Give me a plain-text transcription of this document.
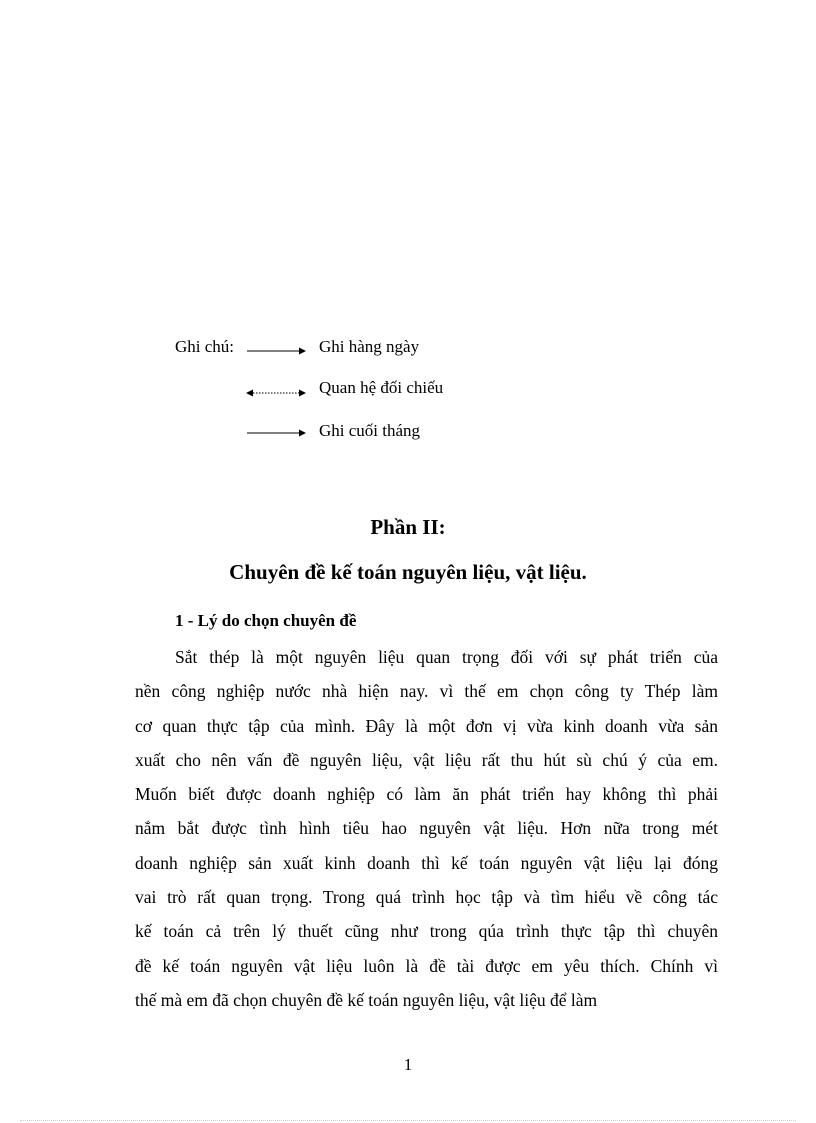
Ghi chú:	Ghi hàng ngày
Quan hệ đối chiếu
Ghi cuối tháng
Phần II:
Chuyên đề kế toán nguyên liệu, vật liệu.
1 - Lý do chọn chuyên đề
Sắt thép là một nguyên liệu quan trọng đối với sự phát triển của
nền công nghiệp nước nhà hiện nay. vì thế em chọn công ty Thép làm
cơ quan thực tập của mình. Đây là một đơn vị vừa kinh doanh vừa sản
xuất cho nên vấn đề nguyên liệu, vật liệu rất thu hút sù chú ý của em.
Muốn biết được doanh nghiệp có làm ăn phát triển hay không thì phải
nắm bắt được tình hình tiêu hao nguyên vật liệu. Hơn nữa trong mét
doanh nghiệp sản xuất kinh doanh thì kế toán nguyên vật liệu lại đóng
vai trò rất quan trọng. Trong quá trình học tập và tìm hiểu về công tác
kế toán cả trên lý thuết cũng như trong qúa trình thực tập thì chuyên
đề kế toán nguyên vật liệu luôn là đề tài được em yêu thích. Chính vì
thế mà em đã chọn chuyên đề kế toán nguyên liệu, vật liệu để làm
1
